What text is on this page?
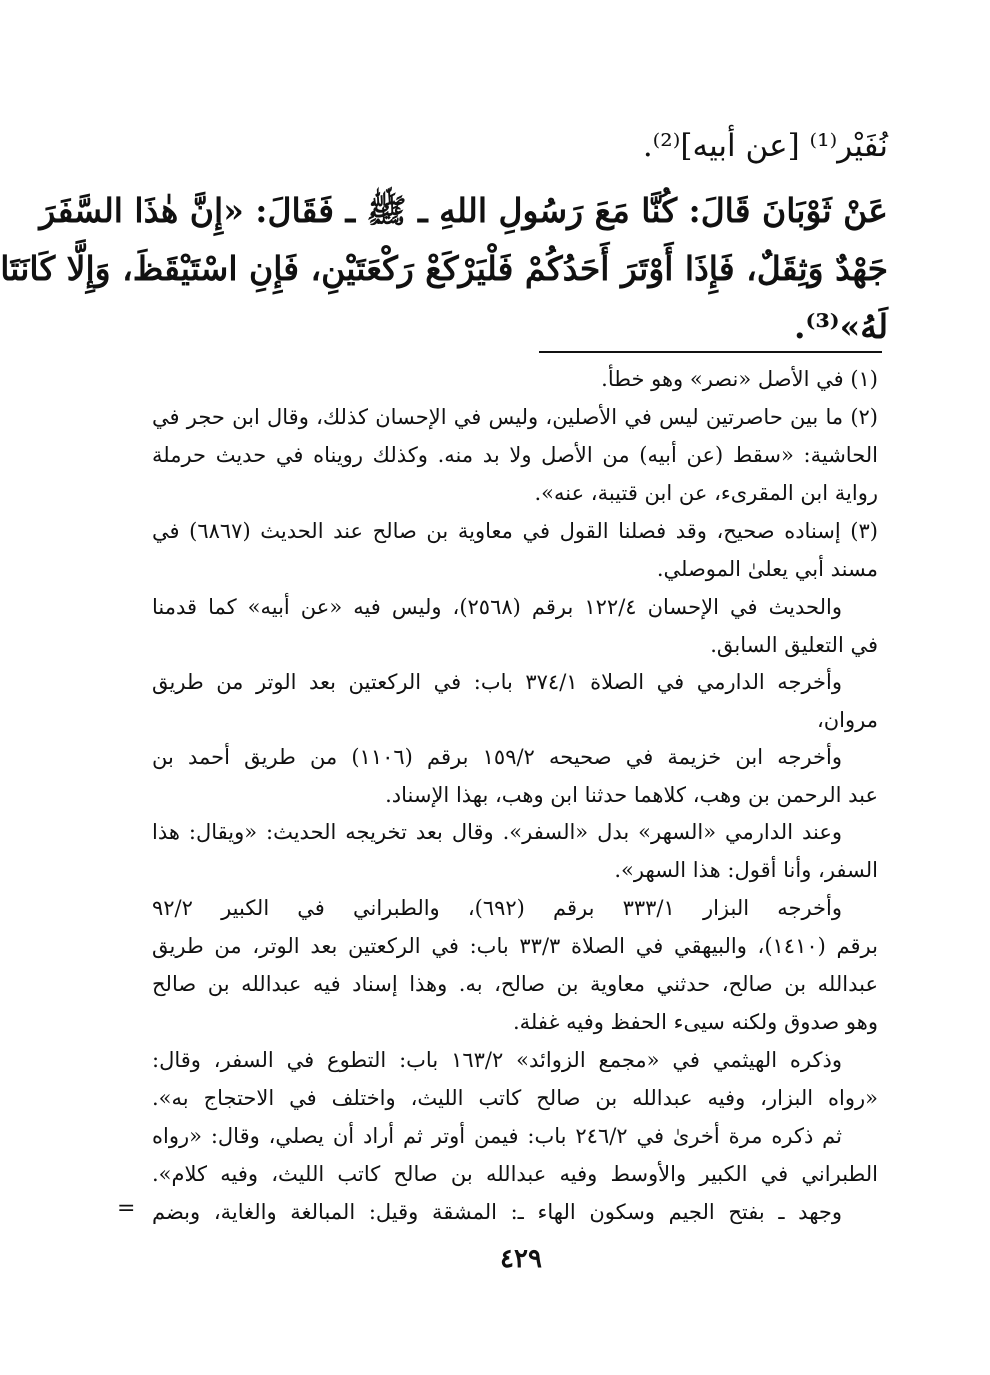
نُفَيْر⁽¹⁾ [عن أبيه]⁽²⁾.
عَنْ ثَوْبَانَ قَالَ: كُنَّا مَعَ رَسُولِ اللهِ ـ ﷺ ـ فَقَالَ: «إِنَّ هٰذَا السَّفَرَ
جَهْدٌ وَثِقَلٌ، فَإِذَا أَوْتَرَ أَحَدُكُمْ فَلْيَرْكَعْ رَكْعَتَيْنِ، فَإِنِ اسْتَيْقَظَ، وَإِلَّا كَانَتَا
لَهُ»⁽³⁾.
(١) في الأصل «نصر» وهو خطأ.
(٢) ما بين حاصرتين ليس في الأصلين، وليس في الإحسان كذلك، وقال ابن حجر في
الحاشية: «سقط (عن أبيه) من الأصل ولا بد منه. وكذلك رويناه في حديث حرملة
رواية ابن المقرىء، عن ابن قتيبة، عنه».
(٣) إسناده صحيح، وقد فصلنا القول في معاوية بن صالح عند الحديث (٦٨٦٧) في
مسند أبي يعلىٰ الموصلي.
والحديث في الإحسان ١٢٢/٤ برقم (٢٥٦٨)، وليس فيه «عن أبيه» كما قدمنا
في التعليق السابق.
وأخرجه الدارمي في الصلاة ٣٧٤/١ باب: في الركعتين بعد الوتر من طريق
مروان،
وأخرجه ابن خزيمة في صحيحه ١٥٩/٢ برقم (١١٠٦) من طريق أحمد بن
عبد الرحمن بن وهب، كلاهما حدثنا ابن وهب، بهذا الإسناد.
وعند الدارمي «السهر» بدل «السفر». وقال بعد تخريجه الحديث: «ويقال: هذا
السفر، وأنا أقول: هذا السهر».
وأخرجه البزار ٣٣٣/١ برقم (٦٩٢)، والطبراني في الكبير ٩٢/٢
برقم (١٤١٠)، والبيهقي في الصلاة ٣٣/٣ باب: في الركعتين بعد الوتر، من طريق
عبدالله بن صالح، حدثني معاوية بن صالح، به. وهذا إسناد فيه عبدالله بن صالح
وهو صدوق ولكنه سيىء الحفظ وفيه غفلة.
وذكره الهيثمي في «مجمع الزوائد» ١٦٣/٢ باب: التطوع في السفر، وقال:
«رواه البزار، وفيه عبدالله بن صالح كاتب الليث، واختلف في الاحتجاج به».
ثم ذكره مرة أخرىٰ في ٢٤٦/٢ باب: فيمن أوتر ثم أراد أن يصلي، وقال: «رواه
الطبراني في الكبير والأوسط وفيه عبدالله بن صالح كاتب الليث، وفيه كلام».
وجهد ـ بفتح الجيم وسكون الهاء ـ: المشقة وقيل: المبالغة والغاية، وبضم
=
٤٢٩
